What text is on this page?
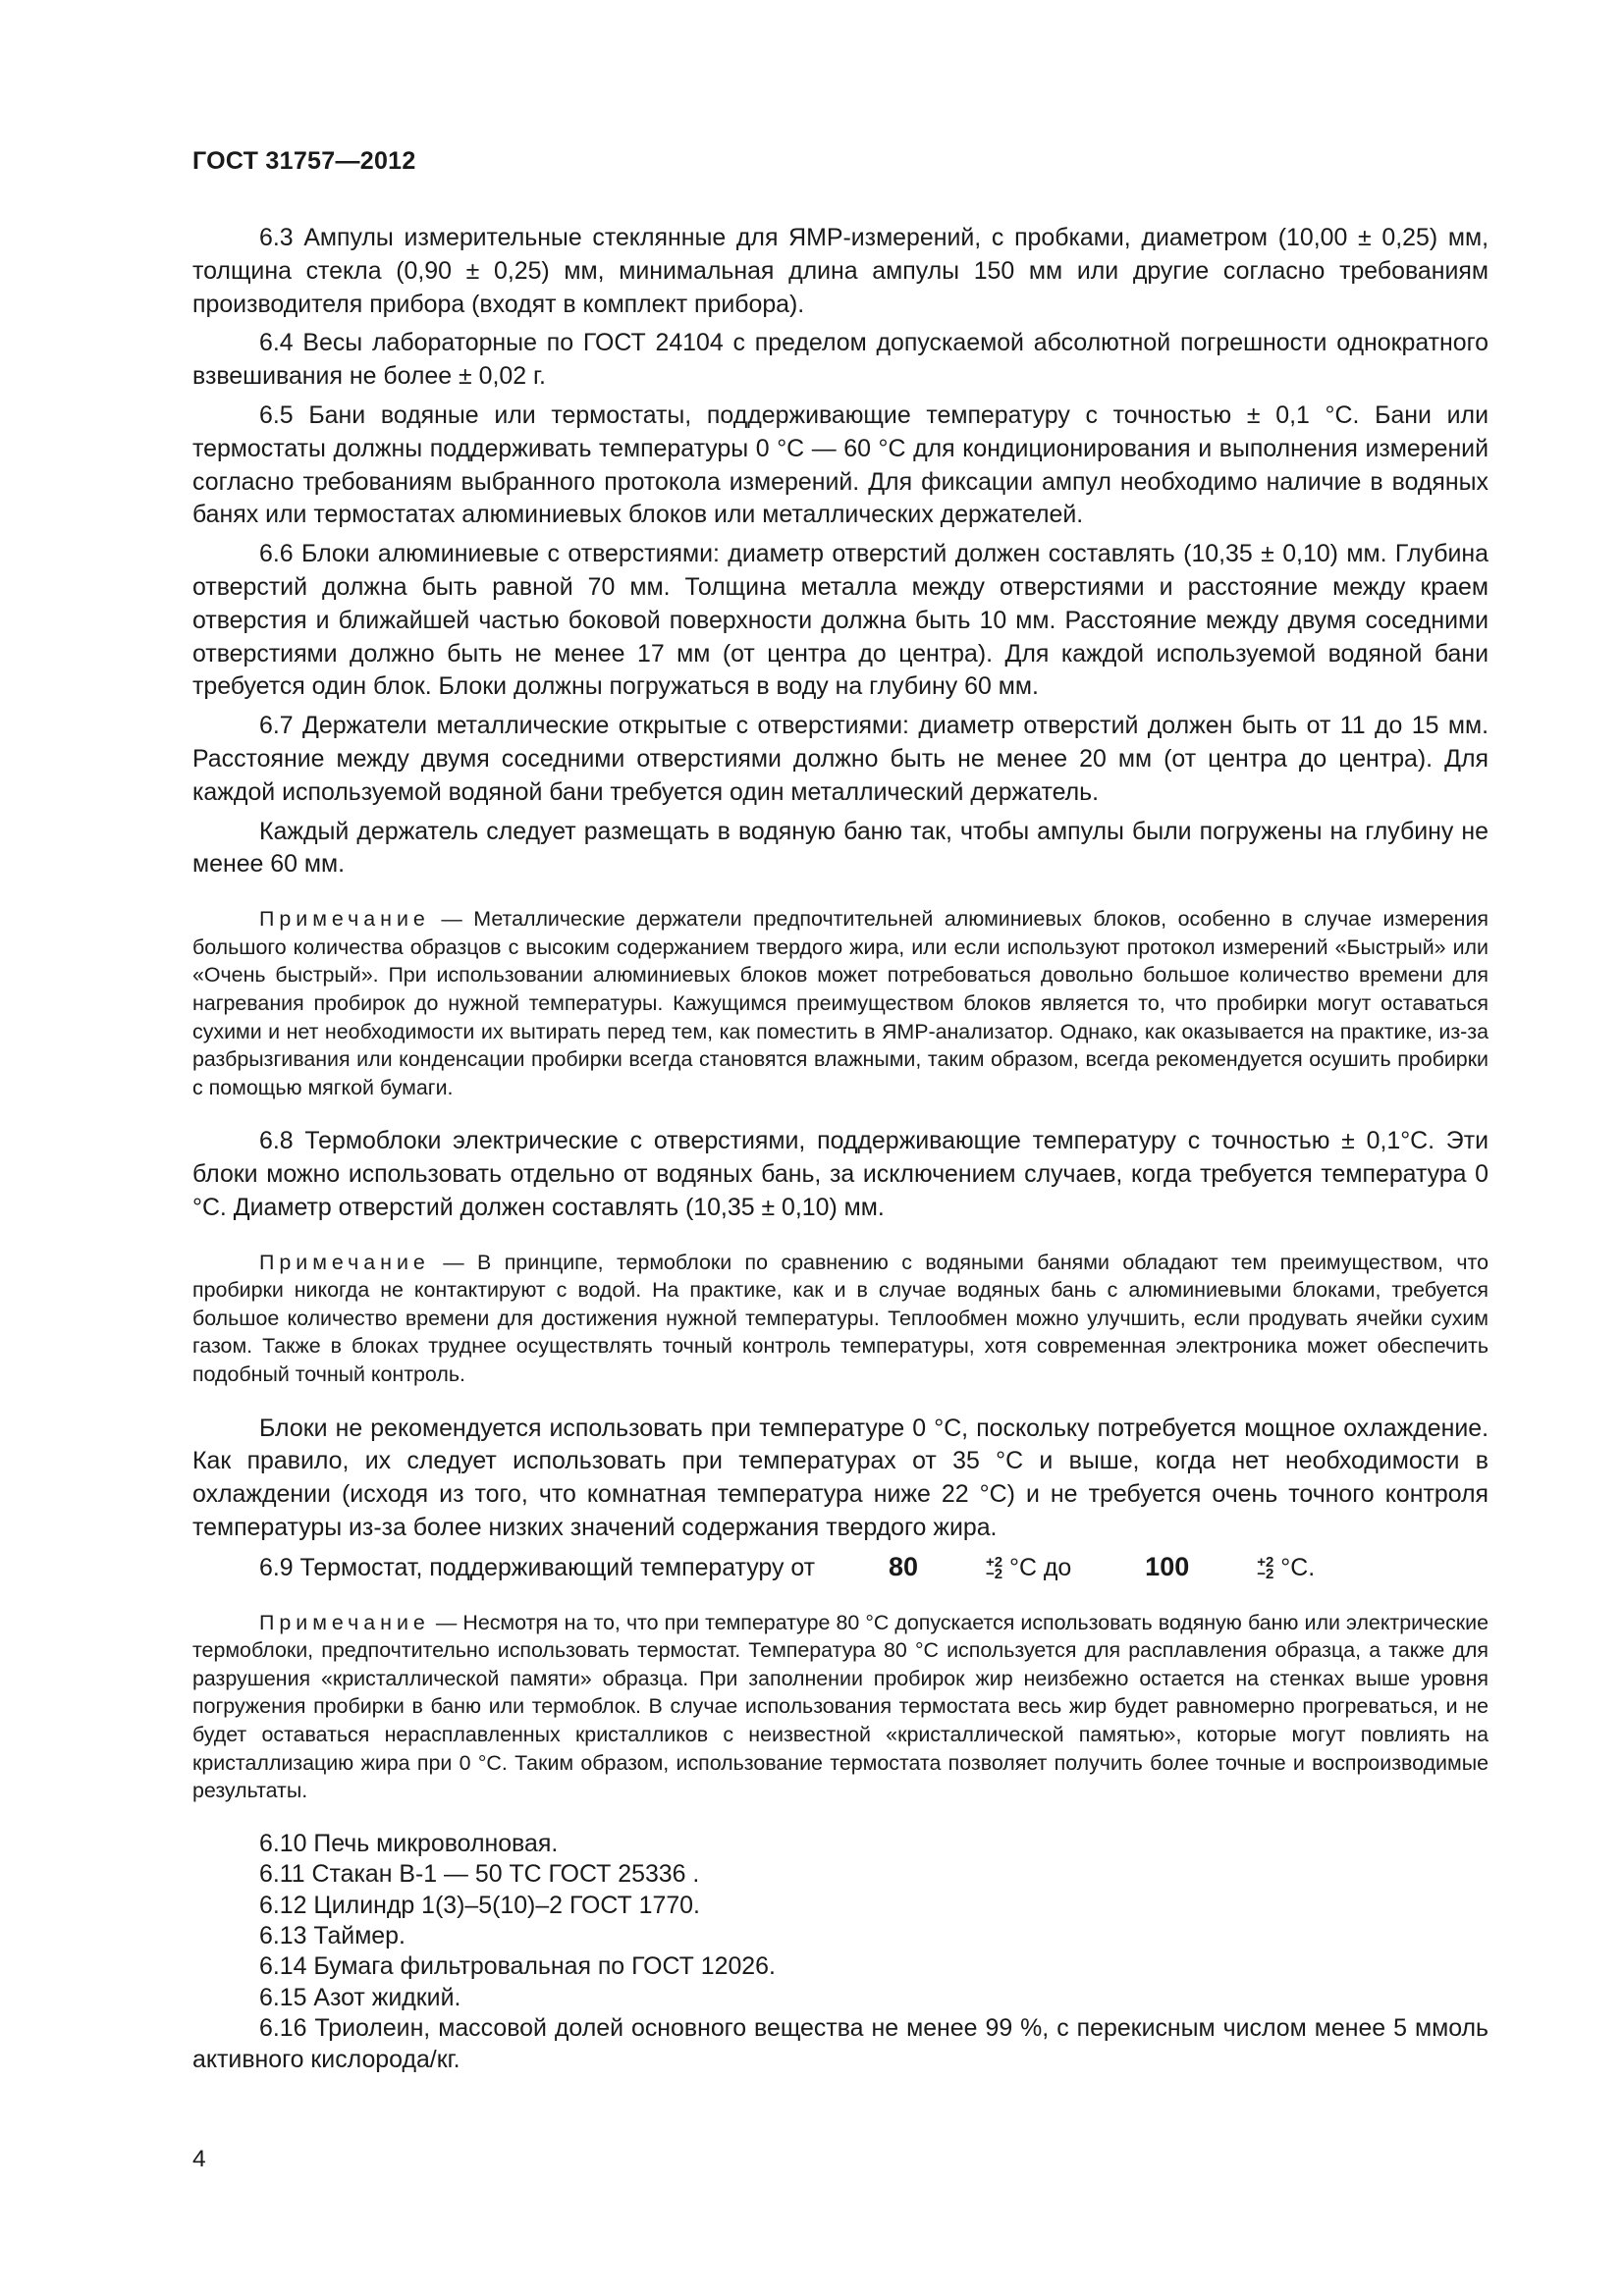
ГОСТ 31757—2012

6.3 Ампулы измерительные стеклянные для ЯМР-измерений, с пробками, диаметром (10,00 ± 0,25) мм, толщина стекла (0,90 ± 0,25) мм, минимальная длина ампулы 150 мм или другие согласно требованиям производителя прибора (входят в комплект прибора).

6.4 Весы лабораторные по ГОСТ 24104 с пределом допускаемой абсолютной погрешности однократного взвешивания не более ± 0,02 г.

6.5 Бани водяные или термостаты, поддерживающие температуру с точностью ± 0,1 °С. Бани или термостаты должны поддерживать температуры 0 °С — 60 °С для кондиционирования и выполнения измерений согласно требованиям выбранного протокола измерений. Для фиксации ампул необходимо наличие в водяных банях или термостатах алюминиевых блоков или металлических держателей.

6.6 Блоки алюминиевые с отверстиями: диаметр отверстий должен составлять (10,35 ± 0,10) мм. Глубина отверстий должна быть равной 70 мм. Толщина металла между отверстиями и расстояние между краем отверстия и ближайшей частью боковой поверхности должна быть 10 мм. Расстояние между двумя соседними отверстиями должно быть не менее 17 мм (от центра до центра). Для каждой используемой водяной бани требуется один блок. Блоки должны погружаться в воду на глубину 60 мм.

6.7 Держатели металлические открытые с отверстиями: диаметр отверстий должен быть от 11 до 15 мм. Расстояние между двумя соседними отверстиями должно быть не менее 20 мм (от центра до центра). Для каждой используемой водяной бани требуется один металлический держатель.

Каждый держатель следует размещать в водяную баню так, чтобы ампулы были погружены на глубину не менее 60 мм.

Примечание — Металлические держатели предпочтительней алюминиевых блоков, особенно в случае измерения большого количества образцов с высоким содержанием твердого жира, или если используют протокол измерений «Быстрый» или «Очень быстрый». При использовании алюминиевых блоков может потребоваться довольно большое количество времени для нагревания пробирок до нужной температуры. Кажущимся преимуществом блоков является то, что пробирки могут оставаться сухими и нет необходимости их вытирать перед тем, как поместить в ЯМР-анализатор. Однако, как оказывается на практике, из-за разбрызгивания или конденсации пробирки всегда становятся влажными, таким образом, всегда рекомендуется осушить пробирки с помощью мягкой бумаги.

6.8 Термоблоки электрические с отверстиями, поддерживающие температуру с точностью ± 0,1°С. Эти блоки можно использовать отдельно от водяных бань, за исключением случаев, когда требуется температура 0 °С. Диаметр отверстий должен составлять (10,35 ± 0,10) мм.

Примечание — В принципе, термоблоки по сравнению с водяными банями обладают тем преимуществом, что пробирки никогда не контактируют с водой. На практике, как и в случае водяных бань с алюминиевыми блоками, требуется большое количество времени для достижения нужной температуры. Теплообмен можно улучшить, если продувать ячейки сухим газом. Также в блоках труднее осуществлять точный контроль температуры, хотя современная электроника может обеспечить подобный точный контроль.

Блоки не рекомендуется использовать при температуре 0 °С, поскольку потребуется мощное охлаждение. Как правило, их следует использовать при температурах от 35 °С и выше, когда нет необходимости в охлаждении (исходя из того, что комнатная температура ниже 22 °С) и не требуется очень точного контроля температуры из-за более низких значений содержания твердого жира.

6.9 Термостат, поддерживающий температуру от	80	+2
−2 °С до	100	+2
−2 °С.

Примечание — Несмотря на то, что при температуре 80 °С допускается использовать водяную баню или электрические термоблоки, предпочтительно использовать термостат. Температура 80 °С используется для расплавления образца, а также для разрушения «кристаллической памяти» образца. При заполнении пробирок жир неизбежно остается на стенках выше уровня погружения пробирки в баню или термоблок. В случае использования термостата весь жир будет равномерно прогреваться, и не будет оставаться нерасплавленных кристалликов с неизвестной «кристаллической памятью», которые могут повлиять на кристаллизацию жира при 0 °С. Таким образом, использование термостата позволяет получить более точные и воспроизводимые результаты.

6.10 Печь микроволновая.

6.11 Стакан В-1 — 50 ТС ГОСТ 25336 .

6.12 Цилиндр 1(3)–5(10)–2 ГОСТ 1770.

6.13 Таймер.

6.14 Бумага фильтровальная по ГОСТ 12026.

6.15 Азот жидкий.

6.16 Триолеин, массовой долей основного вещества не менее 99 %, с перекисным числом менее 5 ммоль активного кислорода/кг.

4
